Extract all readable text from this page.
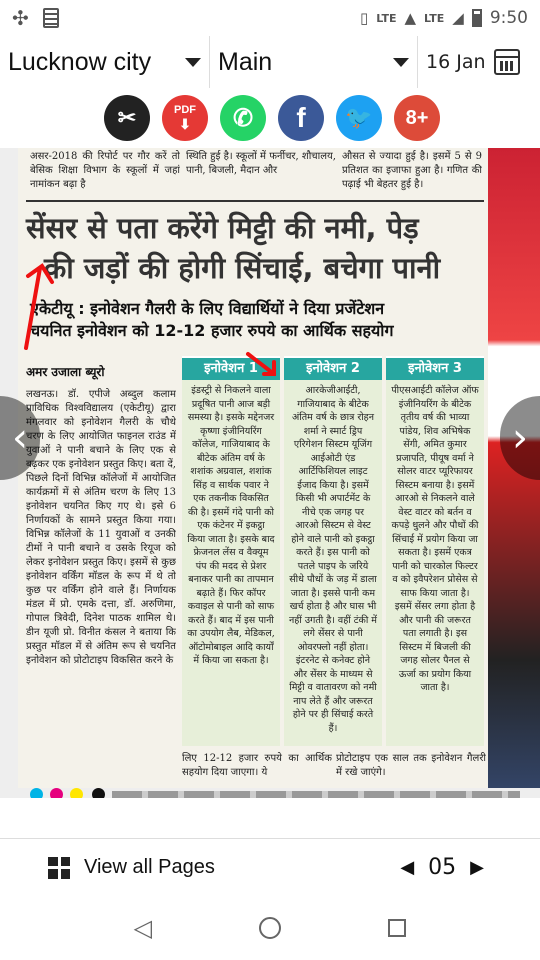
✣	▯ LTE ▲ LTE ◢ 9:50
Lucknow city	Main	16 Jan
✂	PDF
⬇ ✆ f 🐦 8+
असर-2018 की रिपोर्ट पर गौर करें तो बेसिक शिक्षा विभाग के स्कूलों में जहां नामांकन बढ़ा है
स्थिति हुई है। स्कूलों में फर्नीचर, शौचालय, पानी, बिजली, मैदान और
औसत से ज्यादा हुई है। इसमें 5 से 9 प्रतिशत का इजाफा हुआ है। गणित की पढ़ाई भी बेहतर हुई है।
सेंसर से पता करेंगे मिट्टी की नमी, पेड़
की जड़ों की होगी सिंचाई, बचेगा पानी
एकेटीयू : इनोवेशन गैलरी के लिए विद्यार्थियों ने दिया प्रजेंटेशन
चयनित इनोवेशन को 12-12 हजार रुपये का आर्थिक सहयोग
अमर उजाला ब्यूरो
लखनऊ। डॉ. एपीजे अब्दुल कलाम प्राविधिक विश्वविद्यालय (एकेटीयू) द्वारा मंगलवार को इनोवेशन गैलरी के चौथे चरण के लिए आयोजित फाइनल राउंड में युवाओं ने पानी बचाने के लिए एक से बढ़कर एक इनोवेशन प्रस्तुत किए। बता दें, पिछले दिनों विभिन्न कॉलेजों में आयोजित कार्यक्रमों में से अंतिम चरण के लिए 13 इनोवेशन चयनित किए गए थे। इसे 6 निर्णायकों के सामने प्रस्तुत किया गया। विभिन्न कॉलेजों के 11 युवाओं व उनकी टीमों ने पानी बचाने व उसके रियूज को लेकर इनोवेशन प्रस्तुत किए। इसमें से कुछ इनोवेशन वर्किंग मॉडल के रूप में थे तो कुछ पर वर्किंग होने वाले हैं। निर्णायक मंडल में प्रो. एमके दत्ता, डॉ. अरुणिमा, गोपाल त्रिवेदी, दिनेश पाठक शामिल थे। डीन यूजी प्रो. विनीत कंसल ने बताया कि प्रस्तुत मॉडल में से अंतिम रूप से चयनित इनोवेशन को प्रोटोटाइप विकसित करने के
इनोवेशन 1
इंडस्ट्री से निकलने वाला प्रदूषित पानी आज बड़ी समस्या है। इसके मद्देनजर कृष्णा इंजीनियरिंग कॉलेज, गाजियाबाद के बीटेक अंतिम वर्ष के शशांक अग्रवाल, शशांक सिंह व सार्थक पवार ने एक तकनीक विकसित की है। इसमें गंदे पानी को एक कंटेनर में इकट्ठा किया जाता है। इसके बाद फ्रेजनल लेंस व वैक्यूम पंप की मदद से प्रेशर बनाकर पानी का तापमान बढ़ाते हैं। फिर कॉपर कवाइल से पानी को साफ करते हैं। बाद में इस पानी का उपयोग लैब, मेडिकल, ऑटोमोबाइल आदि कार्यों में किया जा सकता है।
इनोवेशन 2
आरकेजीआईटी, गाजियाबाद के बीटेक अंतिम वर्ष के छात्र रोहन शर्मा ने स्मार्ट ड्रिप एरिगेशन सिस्टम यूजिंग आईओटी एंड आर्टिफिशियल लाइट ईजाद किया है। इसमें किसी भी अपार्टमेंट के नीचे एक जगह पर आरओ सिस्टम से वेस्ट होने वाले पानी को इकट्ठा करते हैं। इस पानी को पतले पाइप के जरिये सीधे पौधों के जड़ में डाला जाता है। इससे पानी कम खर्च होता है और घास भी नहीं उगती है। वहीं टंकी में लगे सेंसर से पानी ओवरफ्लो नहीं होता। इंटरनेट से कनेक्ट होने और सेंसर के माध्यम से मिट्टी व वातावरण को नमी नाप लेते हैं और जरूरत होने पर ही सिंचाई करते हैं।
इनोवेशन 3
पीएसआईटी कॉलेज ऑफ इंजीनियरिंग के बीटेक तृतीय वर्ष की भाव्या पांडेय, शिव अभिषेक सेंगी, अमित कुमार प्रजापति, पीयूष वर्मा ने सोलर वाटर प्यूरिफायर सिस्टम बनाया है। इसमें आरओ से निकलने वाले वेस्ट वाटर को बर्तन व कपड़े धुलने और पौधों की सिंचाई में प्रयोग किया जा सकता है। इसमें एकत्र पानी को चारकोल फिल्टर व को इवैपरेशन प्रोसेस से साफ किया जाता है। इसमें सेंसर लगा होता है और पानी की जरूरत पता लगाती है। इस सिस्टम में बिजली की जगह सोलर पैनल से ऊर्जा का प्रयोग किया जाता है।
लिए 12-12 हजार रुपये का आर्थिक सहयोग दिया जाएगा। ये
प्रोटोटाइप एक साल तक इनोवेशन गैलरी में रखे जाएंगे।
‹	›
View all Pages	◀ 05 ▶
◁
